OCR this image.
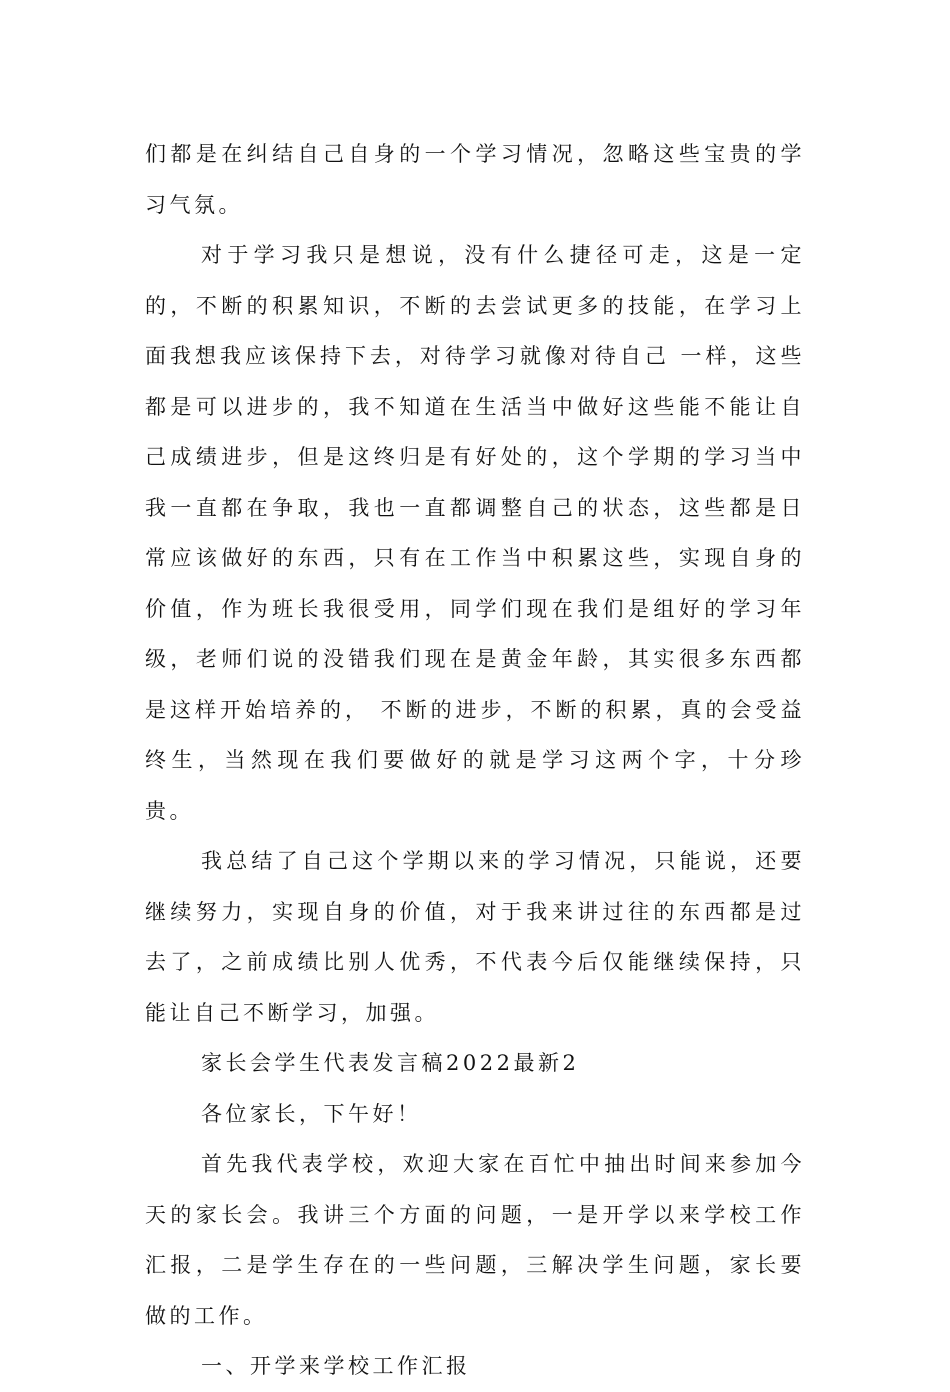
们都是在纠结自己自身的一个学习情况，忽略这些宝贵的学习气氛。

对于学习我只是想说，没有什么捷径可走，这是一定的，不断的积累知识，不断的去尝试更多的技能，在学习上面我想我应该保持下去，对待学习就像对待自己 一样，这些都是可以进步的，我不知道在生活当中做好这些能不能让自己成绩进步，但是这终归是有好处的，这个学期的学习当中我一直都在争取，我也一直都调整自己的状态，这些都是日常应该做好的东西，只有在工作当中积累这些，实现自身的价值，作为班长我很受用，同学们现在我们是组好的学习年级，老师们说的没错我们现在是黄金年龄，其实很多东西都是这样开始培养的， 不断的进步，不断的积累，真的会受益终生，当然现在我们要做好的就是学习这两个字，十分珍贵。

我总结了自己这个学期以来的学习情况，只能说，还要继续努力，实现自身的价值，对于我来讲过往的东西都是过去了，之前成绩比别人优秀，不代表今后仅能继续保持，只能让自己不断学习，加强。

家长会学生代表发言稿2022最新2

各位家长，下午好！

首先我代表学校，欢迎大家在百忙中抽出时间来参加今天的家长会。我讲三个方面的问题，一是开学以来学校工作汇报，二是学生存在的一些问题，三解决学生问题，家长要做的工作。

一、开学来学校工作汇报
